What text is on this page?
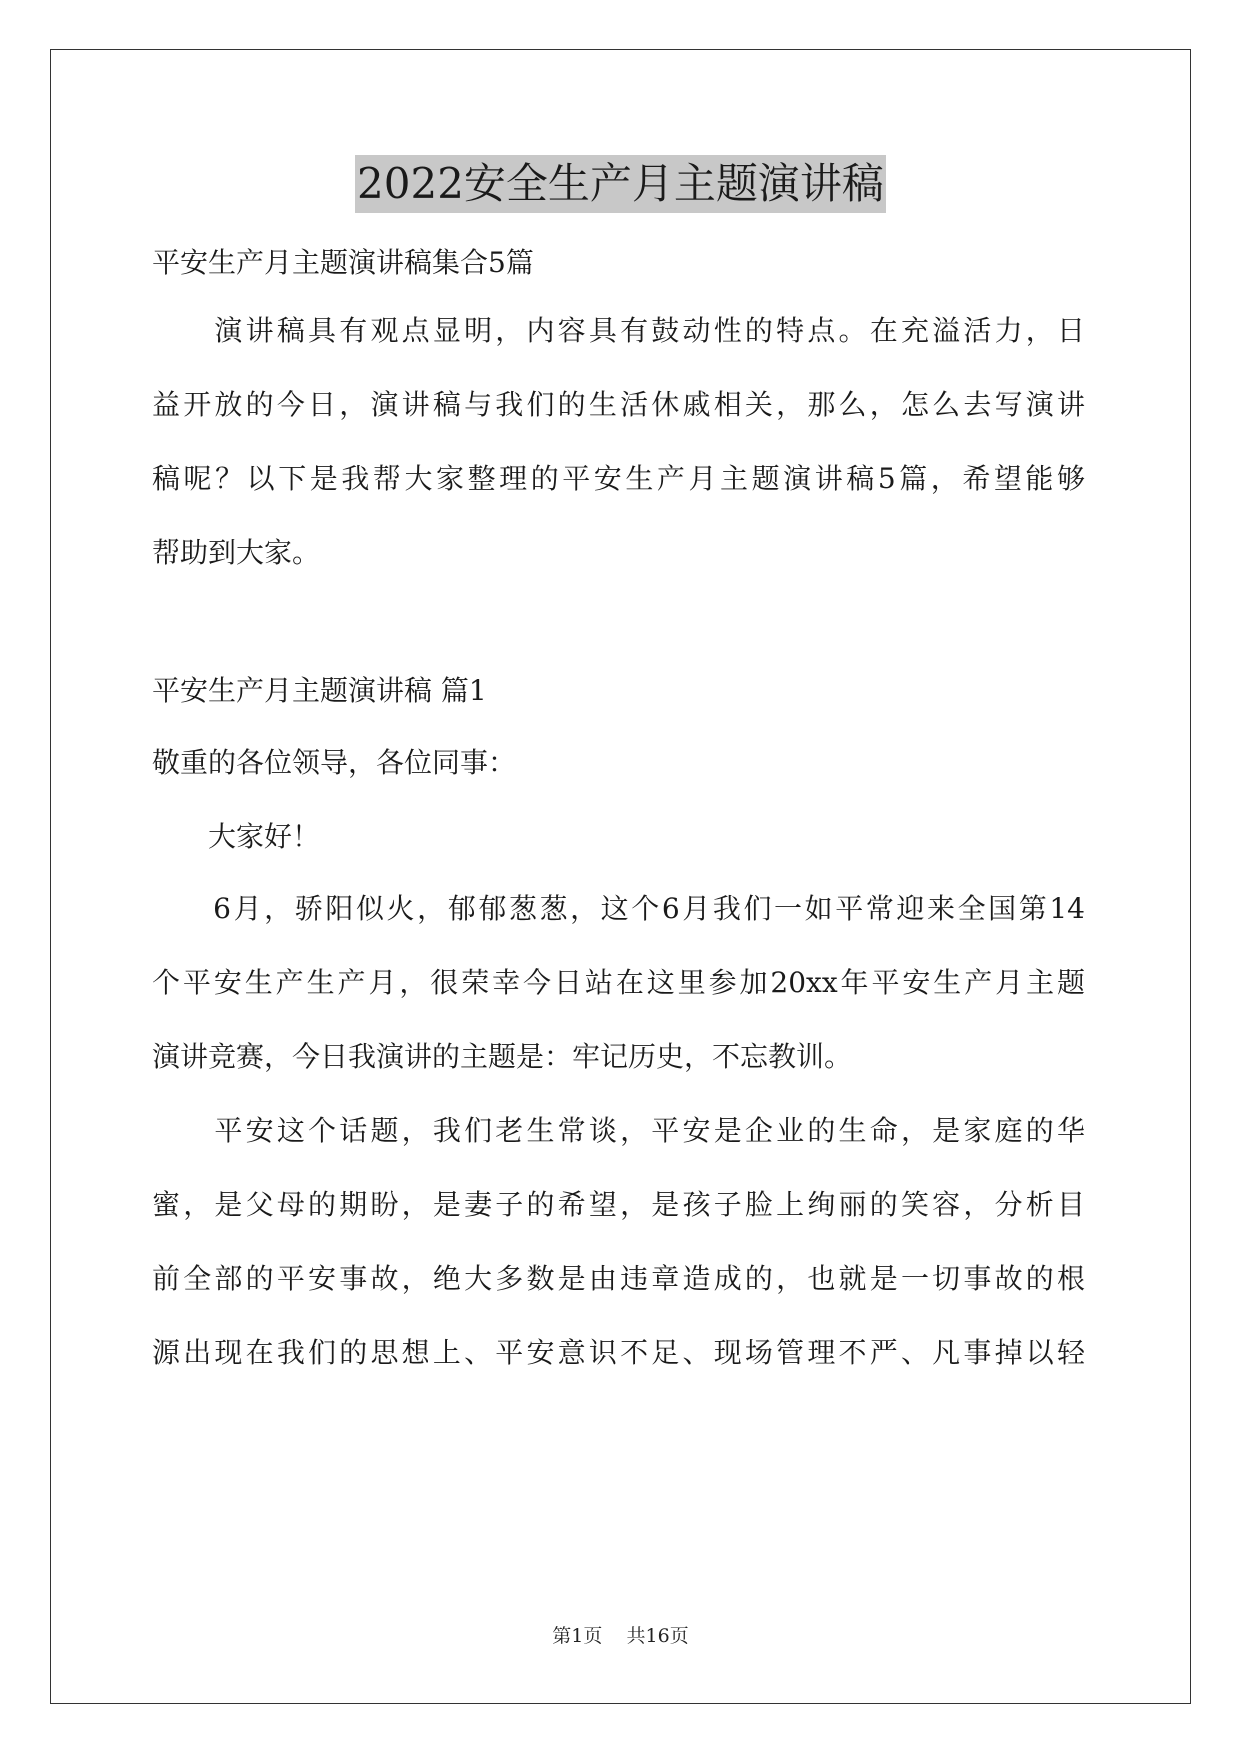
2022安全生产月主题演讲稿
平安生产月主题演讲稿集合5篇
　　演讲稿具有观点显明，内容具有鼓动性的特点。在充溢活力，日
益开放的今日，演讲稿与我们的生活休戚相关，那么，怎么去写演讲
稿呢？以下是我帮大家整理的平安生产月主题演讲稿5篇，希望能够
帮助到大家。
平安生产月主题演讲稿 篇1
敬重的各位领导，各位同事：
　　大家好！
　　6月，骄阳似火，郁郁葱葱，这个6月我们一如平常迎来全国第14
个平安生产生产月，很荣幸今日站在这里参加20xx年平安生产月主题
演讲竞赛，今日我演讲的主题是：牢记历史，不忘教训。
　　平安这个话题，我们老生常谈，平安是企业的生命，是家庭的华
蜜，是父母的期盼，是妻子的希望，是孩子脸上绚丽的笑容，分析目
前全部的平安事故，绝大多数是由违章造成的，也就是一切事故的根
源出现在我们的思想上、平安意识不足、现场管理不严、凡事掉以轻
第1页 共16页
